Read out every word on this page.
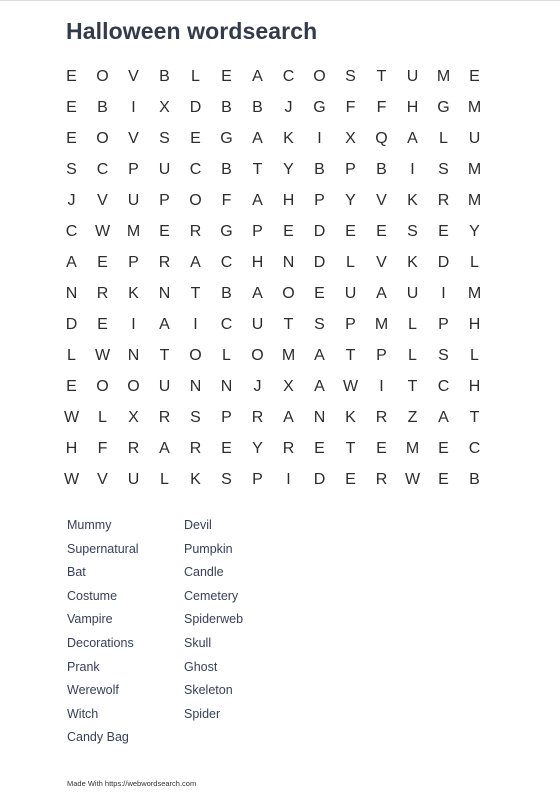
Halloween wordsearch
E	O	V	B	L	E	A	C	O	S	T	U	M	E
E	B	I	X	D	B	B	J	G	F	F	H	G	M
E	O	V	S	E	G	A	K	I	X	Q	A	L	U
S	C	P	U	C	B	T	Y	B	P	B	I	S	M
J	V	U	P	O	F	A	H	P	Y	V	K	R	M
C	W	M	E	R	G	P	E	D	E	E	S	E	Y
A	E	P	R	A	C	H	N	D	L	V	K	D	L
N	R	K	N	T	B	A	O	E	U	A	U	I	M
D	E	I	A	I	C	U	T	S	P	M	L	P	H
L	W	N	T	O	L	O	M	A	T	P	L	S	L
E	O	O	U	N	N	J	X	A	W	I	T	C	H
W	L	X	R	S	P	R	A	N	K	R	Z	A	T
H	F	R	A	R	E	Y	R	E	T	E	M	E	C
W	V	U	L	K	S	P	I	D	E	R	W	E	B
Mummy
Supernatural
Bat
Costume
Vampire
Decorations
Prank
Werewolf
Witch
Candy Bag
Devil
Pumpkin
Candle
Cemetery
Spiderweb
Skull
Ghost
Skeleton
Spider
Made With https://webwordsearch.com
